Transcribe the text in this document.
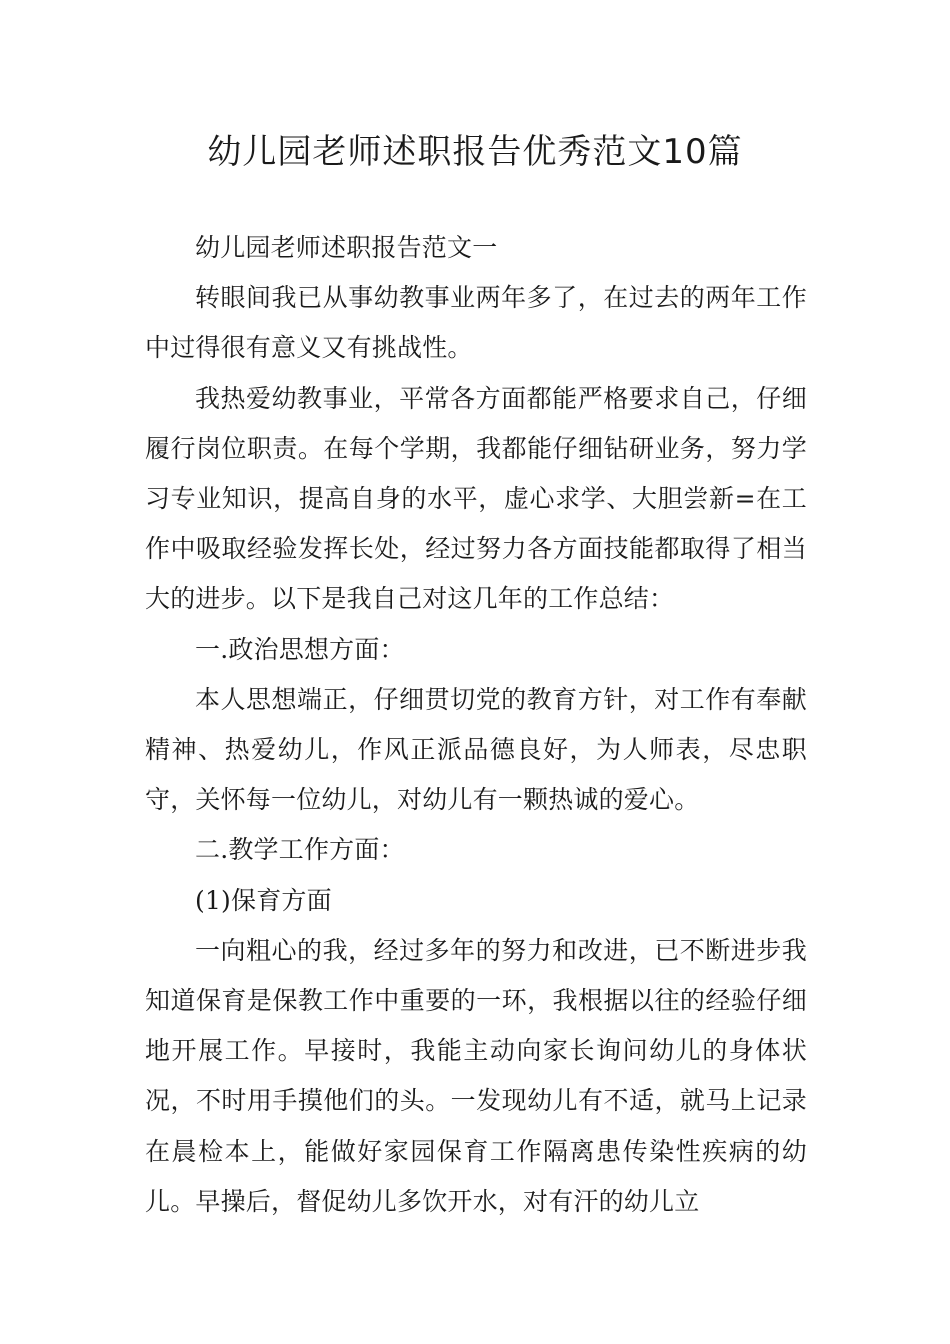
幼儿园老师述职报告优秀范文10篇

幼儿园老师述职报告范文一

转眼间我已从事幼教事业两年多了，在过去的两年工作中过得很有意义又有挑战性。

我热爱幼教事业，平常各方面都能严格要求自己，仔细履行岗位职责。在每个学期，我都能仔细钻研业务，努力学习专业知识，提高自身的水平，虚心求学、大胆尝新=在工作中吸取经验发挥长处，经过努力各方面技能都取得了相当大的进步。以下是我自己对这几年的工作总结：

一.政治思想方面：

本人思想端正，仔细贯切党的教育方针，对工作有奉献精神、热爱幼儿，作风正派品德良好，为人师表，尽忠职守，关怀每一位幼儿，对幼儿有一颗热诚的爱心。

二.教学工作方面：

(1)保育方面

一向粗心的我，经过多年的努力和改进，已不断进步我知道保育是保教工作中重要的一环，我根据以往的经验仔细地开展工作。早接时，我能主动向家长询问幼儿的身体状况，不时用手摸他们的头。一发现幼儿有不适，就马上记录在晨检本上，能做好家园保育工作隔离患传染性疾病的幼儿。早操后，督促幼儿多饮开水，对有汗的幼儿立
